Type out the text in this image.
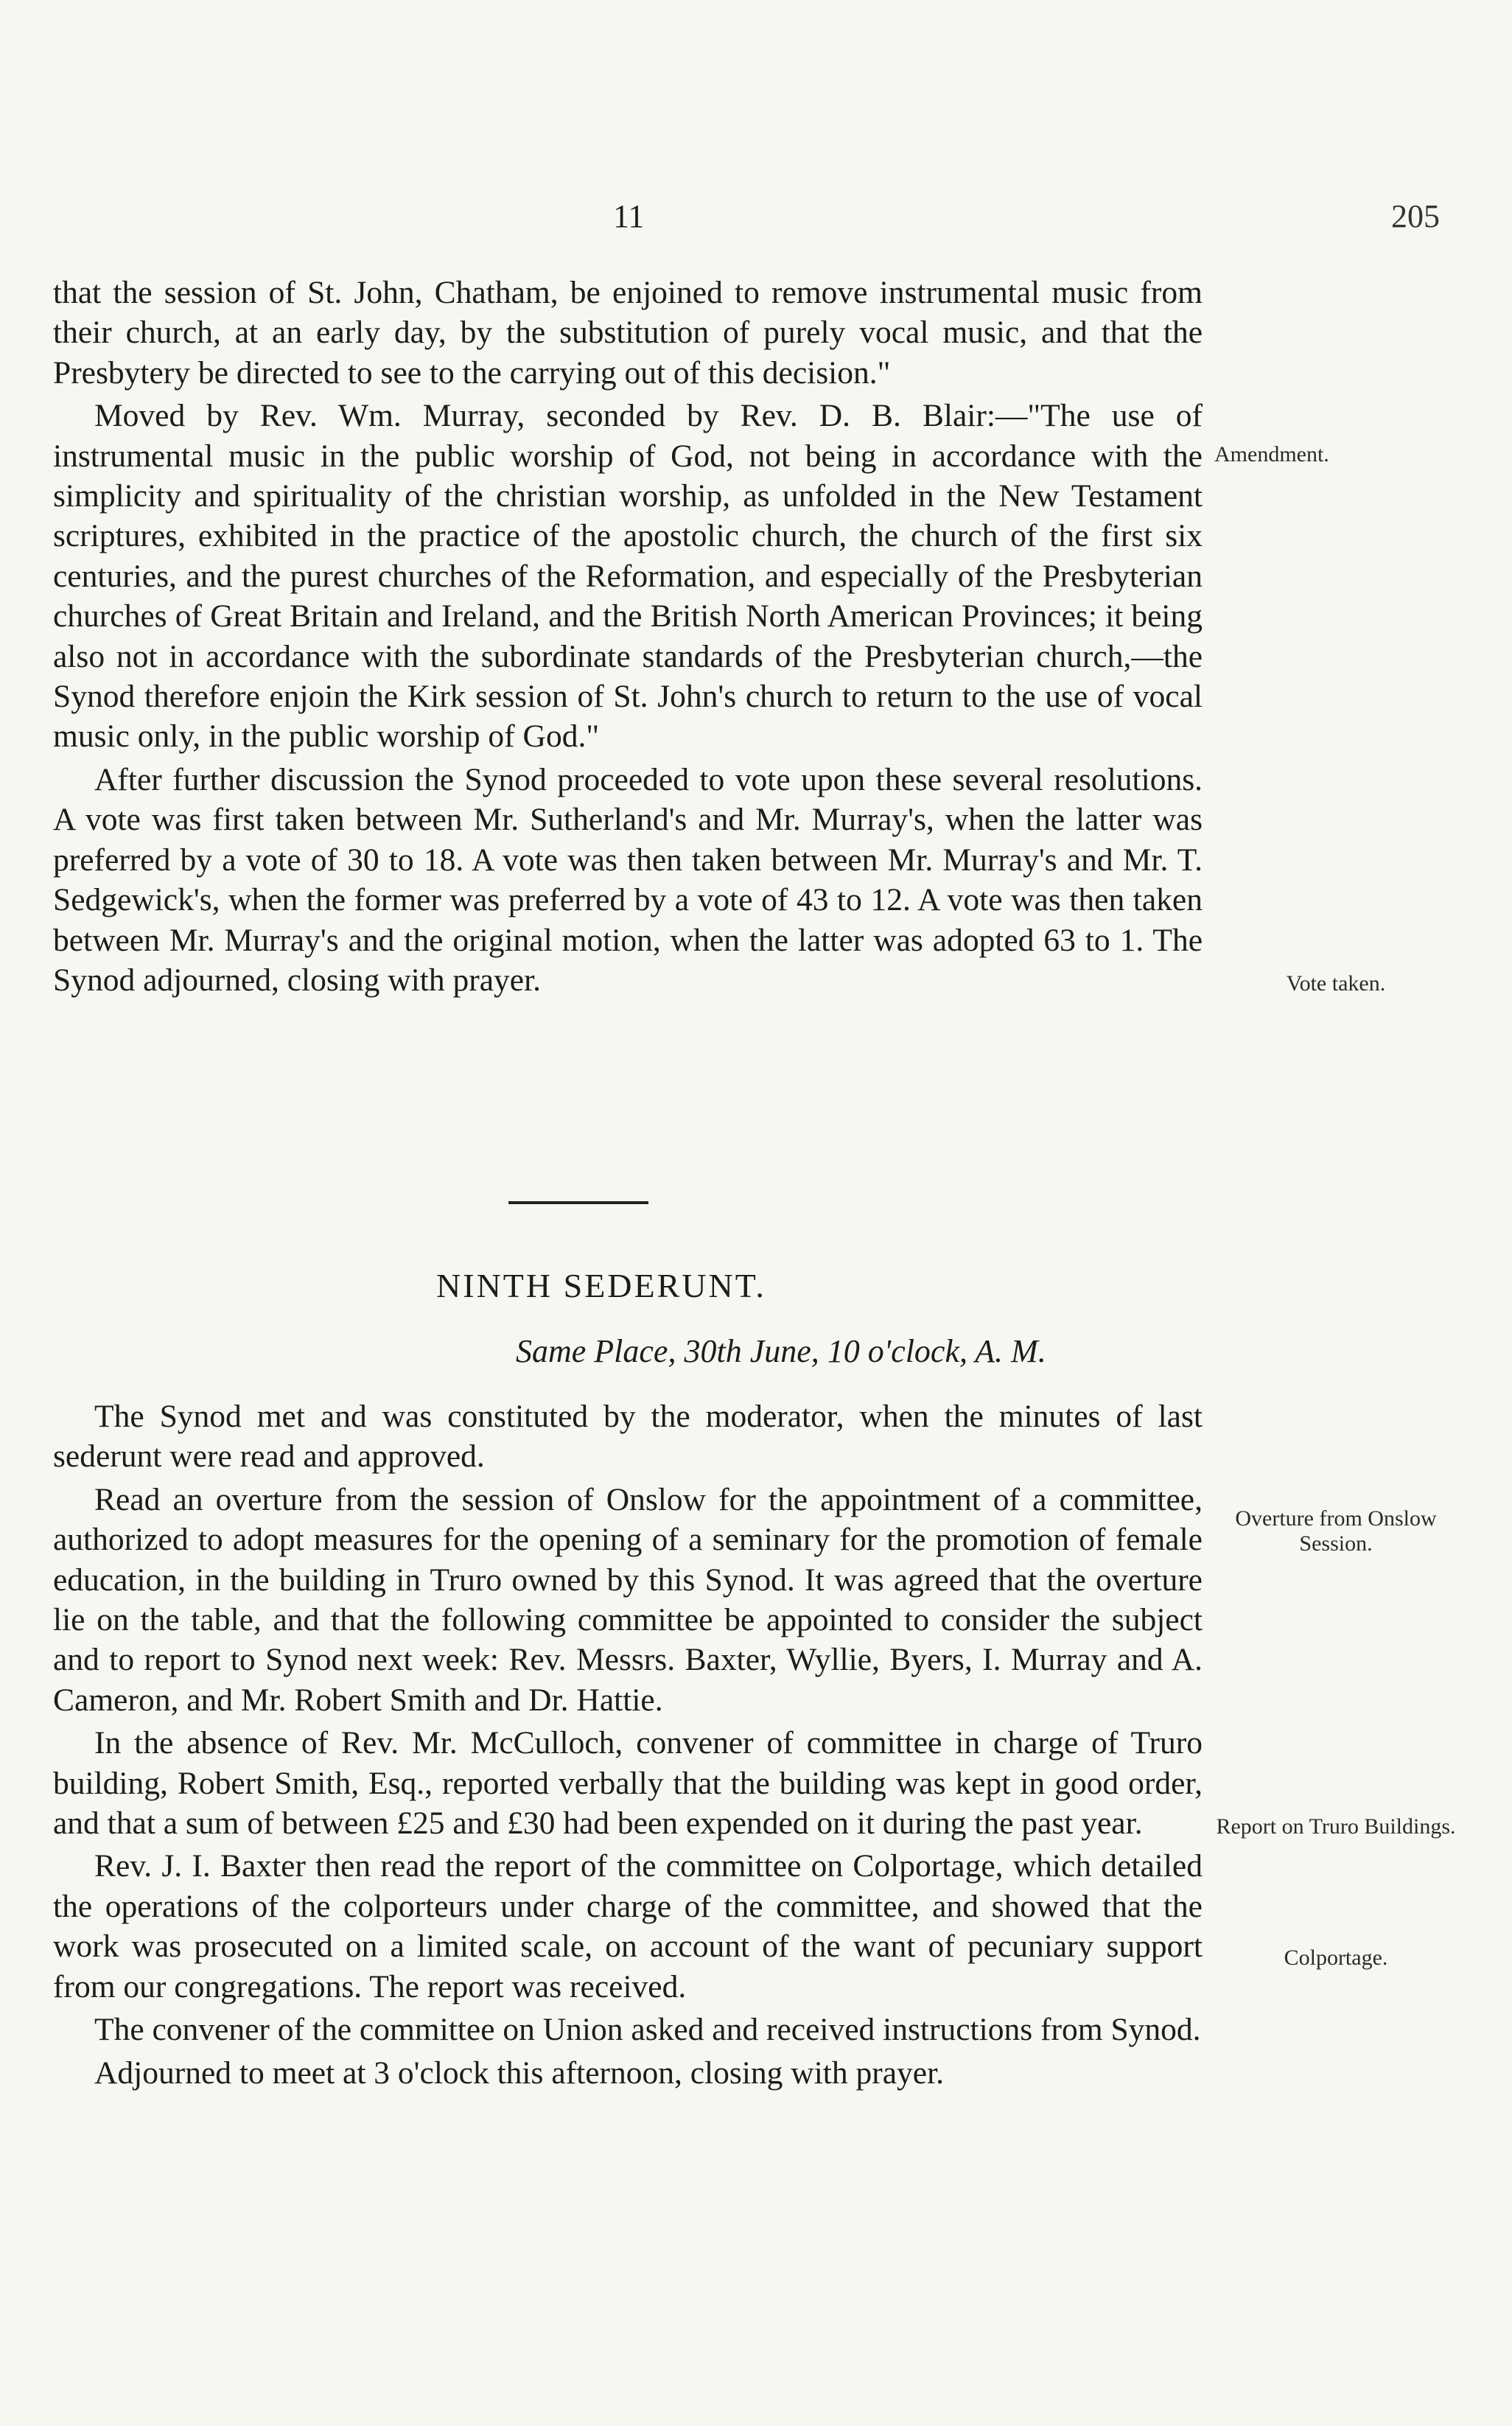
11	205

that the session of St. John, Chatham, be enjoined to remove instrumental music from their church, at an early day, by the substitution of purely vocal music, and that the Presbytery be directed to see to the carrying out of this decision."

Moved by Rev. Wm. Murray, seconded by Rev. D. B. Blair:—"The use of instrumental music in the public worship of God, not being in accordance with the simplicity and spirituality of the christian worship, as unfolded in the New Testament scriptures, exhibited in the practice of the apostolic church, the church of the first six centuries, and the purest churches of the Reformation, and especially of the Presbyterian churches of Great Britain and Ireland, and the British North American Provinces; it being also not in accordance with the subordinate standards of the Presbyterian church,—the Synod therefore enjoin the Kirk session of St. John's church to return to the use of vocal music only, in the public worship of God."

After further discussion the Synod proceeded to vote upon these several resolutions. A vote was first taken between Mr. Sutherland's and Mr. Murray's, when the latter was preferred by a vote of 30 to 18. A vote was then taken between Mr. Murray's and Mr. T. Sedgewick's, when the former was preferred by a vote of 43 to 12. A vote was then taken between Mr. Murray's and the original motion, when the latter was adopted 63 to 1. The Synod adjourned, closing with prayer.

NINTH SEDERUNT.
Same Place, 30th June, 10 o'clock, A. M.

The Synod met and was constituted by the moderator, when the minutes of last sederunt were read and approved.

Read an overture from the session of Onslow for the appointment of a committee, authorized to adopt measures for the opening of a seminary for the promotion of female education, in the building in Truro owned by this Synod. It was agreed that the overture lie on the table, and that the following committee be appointed to consider the subject and to report to Synod next week: Rev. Messrs. Baxter, Wyllie, Byers, I. Murray and A. Cameron, and Mr. Robert Smith and Dr. Hattie.

In the absence of Rev. Mr. McCulloch, convener of committee in charge of Truro building, Robert Smith, Esq., reported verbally that the building was kept in good order, and that a sum of between £25 and £30 had been expended on it during the past year.

Rev. J. I. Baxter then read the report of the committee on Colportage, which detailed the operations of the colporteurs under charge of the committee, and showed that the work was prosecuted on a limited scale, on account of the want of pecuniary support from our congregations. The report was received.

The convener of the committee on Union asked and received instructions from Synod.

Adjourned to meet at 3 o'clock this afternoon, closing with prayer.

Amendment.
Vote taken.
Overture from Onslow Session.
Report on Truro Buildings.
Colportage.
